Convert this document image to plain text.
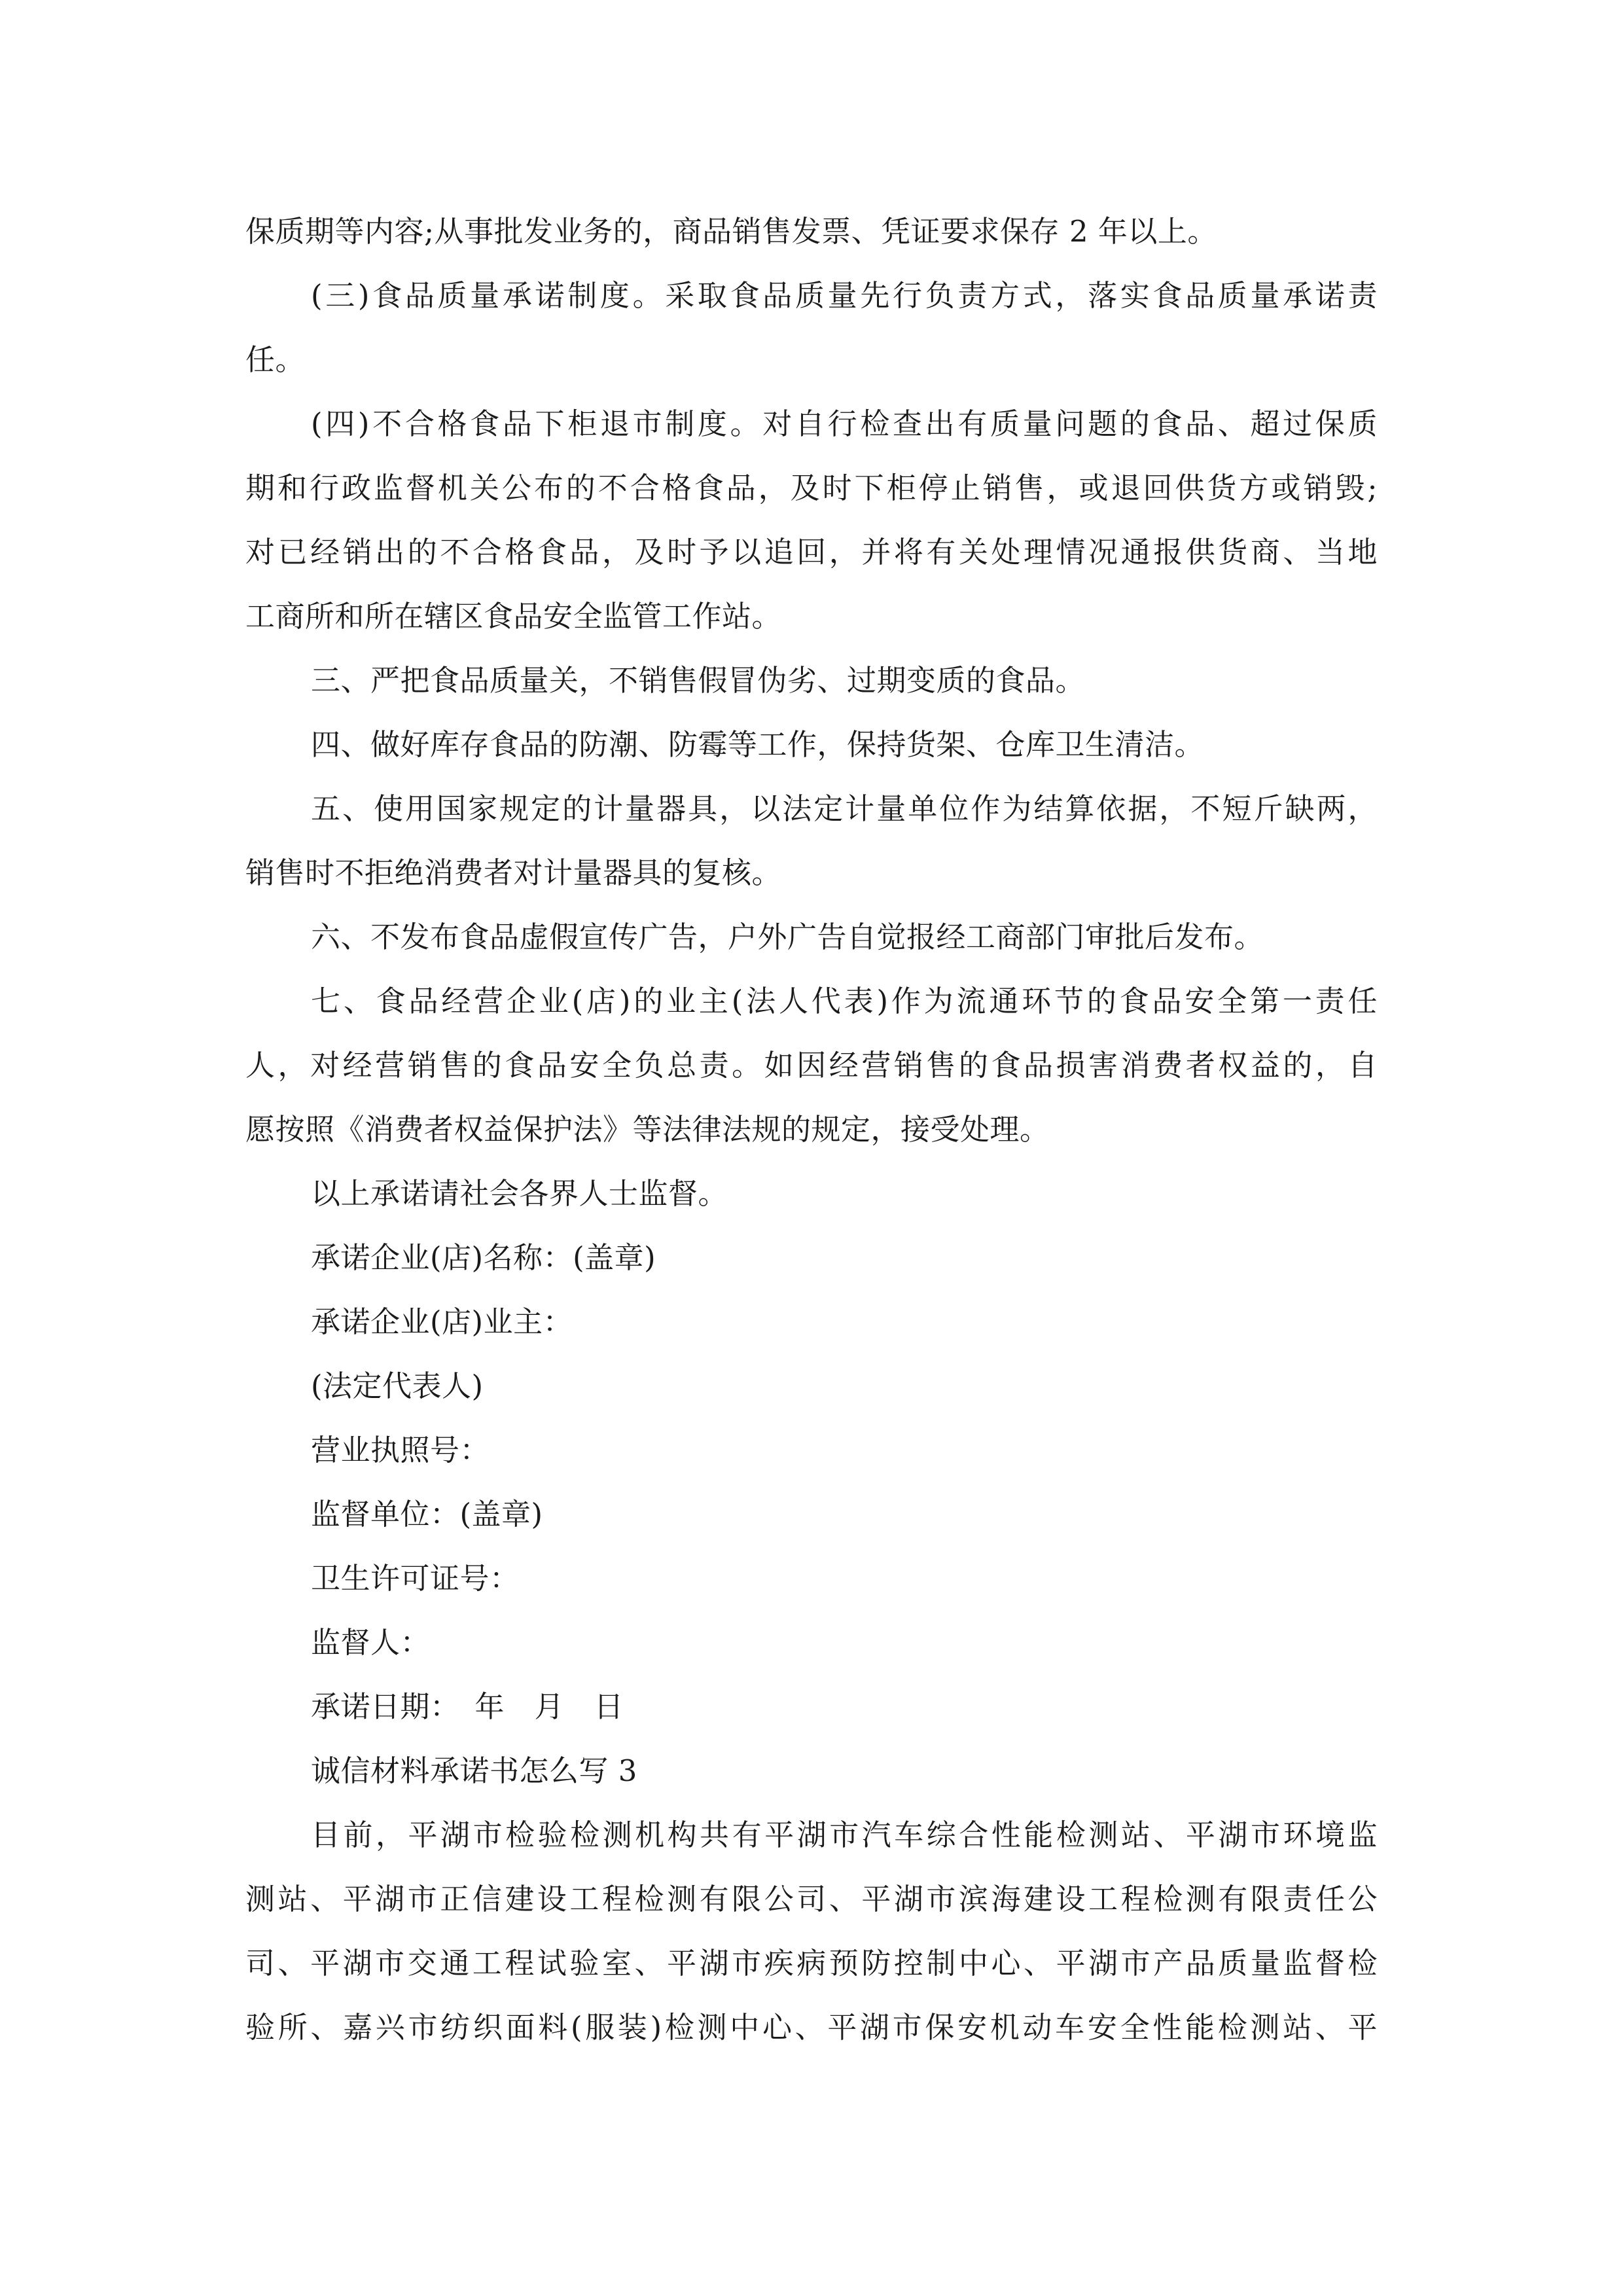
保质期等内容;从事批发业务的，商品销售发票、凭证要求保存 2 年以上。
(三)食品质量承诺制度。采取食品质量先行负责方式，落实食品质量承诺责
任。
(四)不合格食品下柜退市制度。对自行检查出有质量问题的食品、超过保质
期和行政监督机关公布的不合格食品，及时下柜停止销售，或退回供货方或销毁;
对已经销出的不合格食品，及时予以追回，并将有关处理情况通报供货商、当地
工商所和所在辖区食品安全监管工作站。
三、严把食品质量关，不销售假冒伪劣、过期变质的食品。
四、做好库存食品的防潮、防霉等工作，保持货架、仓库卫生清洁。
五、使用国家规定的计量器具，以法定计量单位作为结算依据，不短斤缺两，
销售时不拒绝消费者对计量器具的复核。
六、不发布食品虚假宣传广告，户外广告自觉报经工商部门审批后发布。
七、食品经营企业(店)的业主(法人代表)作为流通环节的食品安全第一责任
人，对经营销售的食品安全负总责。如因经营销售的食品损害消费者权益的，自
愿按照《消费者权益保护法》等法律法规的规定，接受处理。
以上承诺请社会各界人士监督。
承诺企业(店)名称：(盖章)
承诺企业(店)业主：
(法定代表人)
营业执照号：
监督单位：(盖章)
卫生许可证号：
监督人：
承诺日期：　年　月　日
诚信材料承诺书怎么写 3
目前，平湖市检验检测机构共有平湖市汽车综合性能检测站、平湖市环境监
测站、平湖市正信建设工程检测有限公司、平湖市滨海建设工程检测有限责任公
司、平湖市交通工程试验室、平湖市疾病预防控制中心、平湖市产品质量监督检
验所、嘉兴市纺织面料(服装)检测中心、平湖市保安机动车安全性能检测站、平
